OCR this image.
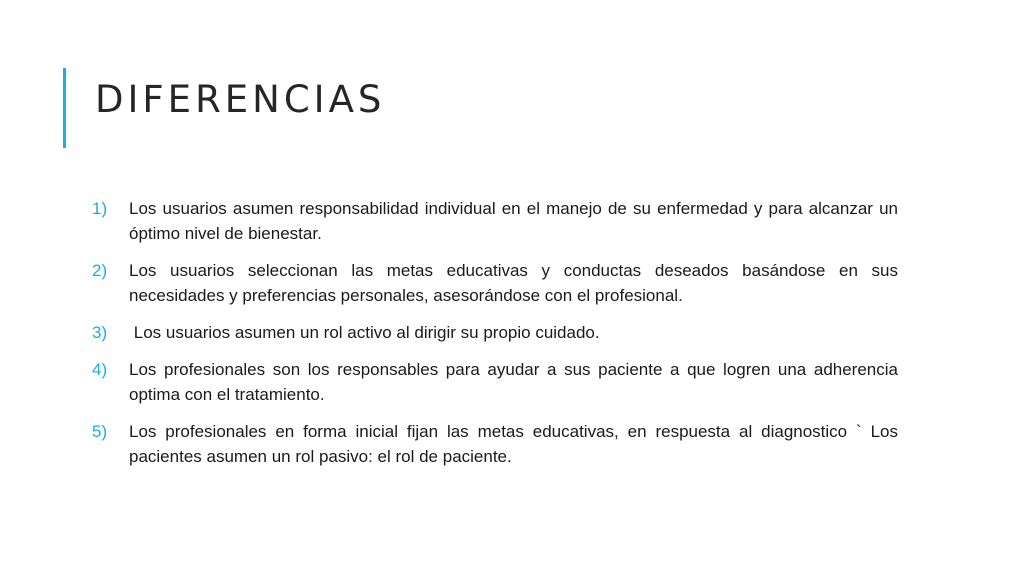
DIFERENCIAS
1)	Los usuarios asumen responsabilidad individual en el manejo de su enfermedad y para alcanzar un óptimo nivel de bienestar.
2)	Los usuarios seleccionan las metas educativas y conductas deseados basándose en sus necesidades y preferencias personales, asesorándose con el profesional.
3)	Los usuarios asumen un rol activo al dirigir su propio cuidado.
4)	Los profesionales son los responsables para ayudar a sus paciente a que logren una adherencia optima con el tratamiento.
5)	Los profesionales en forma inicial fijan las metas educativas, en respuesta al diagnostico ` Los pacientes asumen un rol pasivo: el rol de paciente.
